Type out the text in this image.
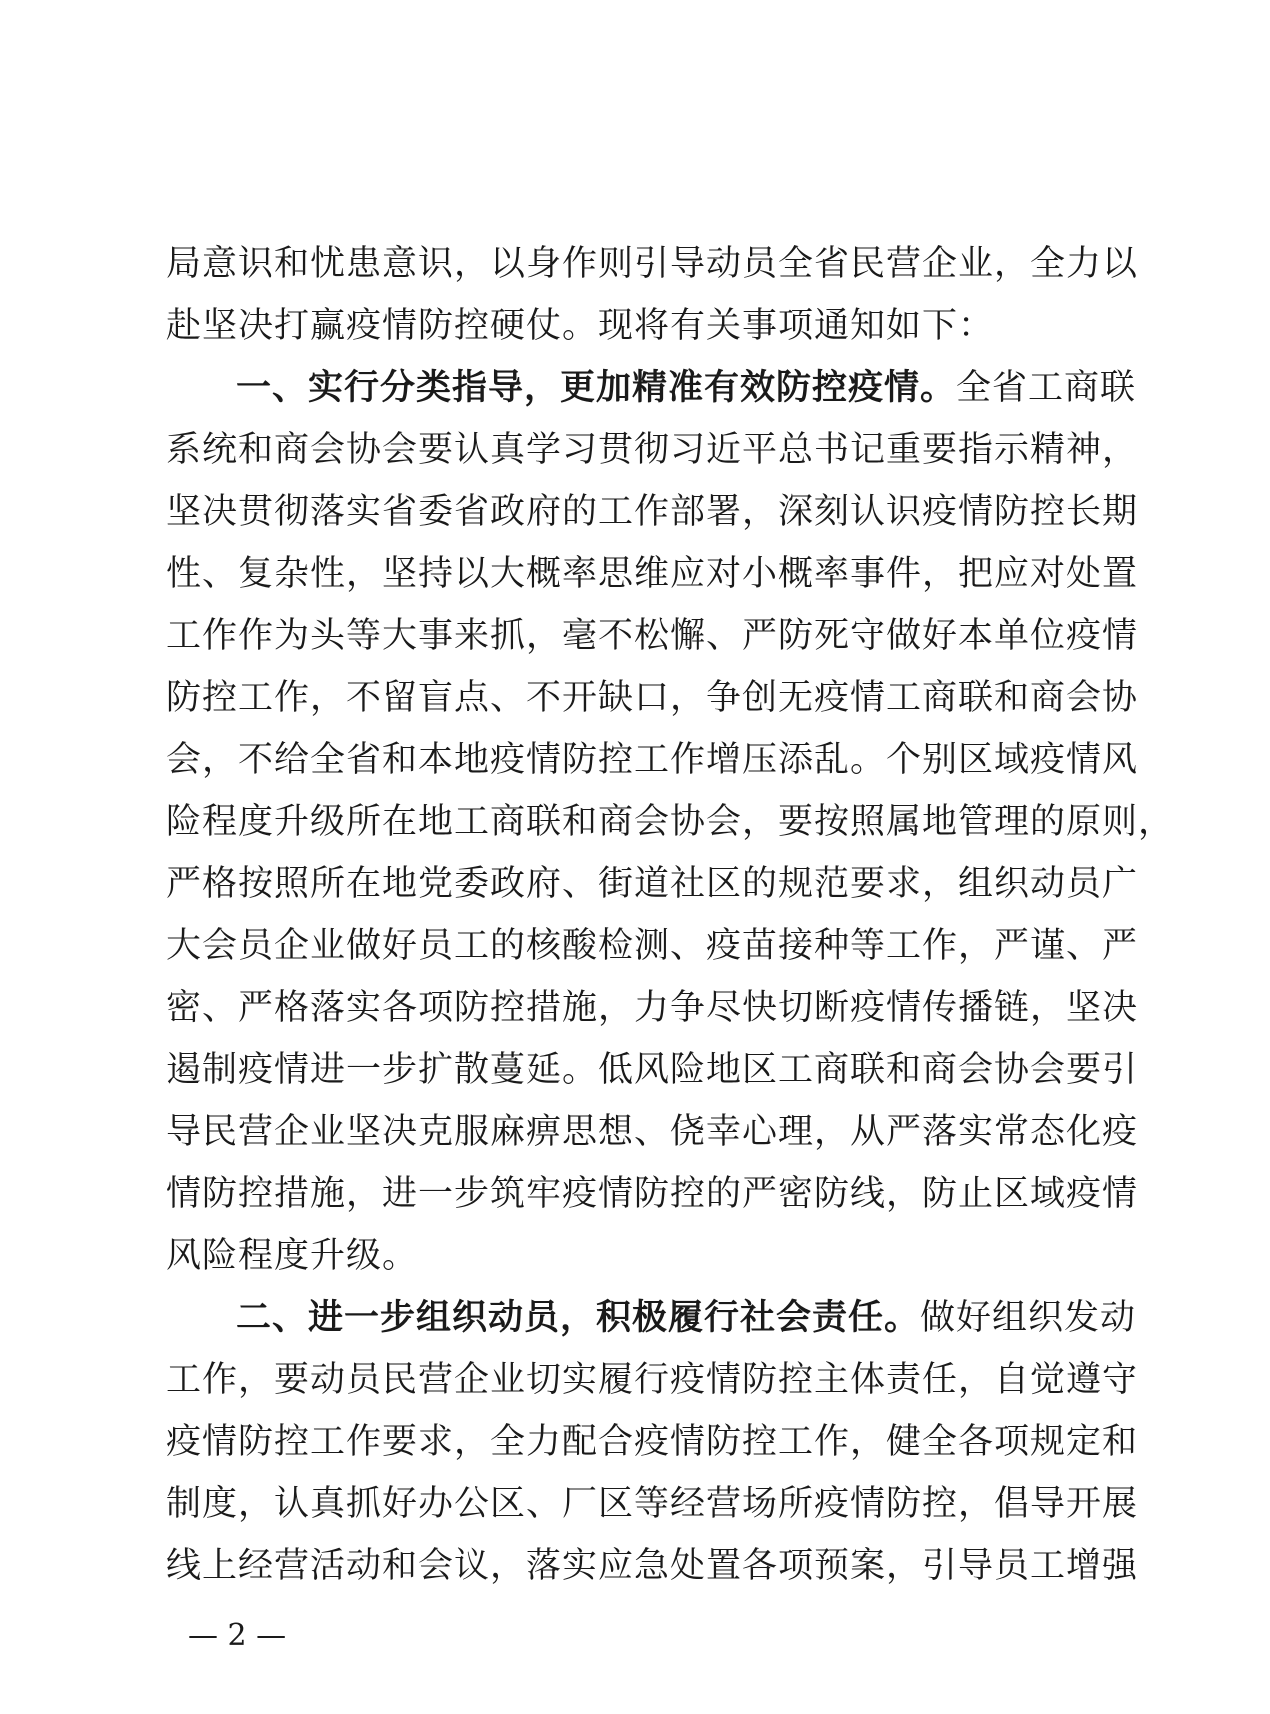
局意识和忧患意识，以身作则引导动员全省民营企业，全力以
赴坚决打赢疫情防控硬仗。现将有关事项通知如下：
一、实行分类指导，更加精准有效防控疫情。全省工商联
系统和商会协会要认真学习贯彻习近平总书记重要指示精神，
坚决贯彻落实省委省政府的工作部署，深刻认识疫情防控长期
性、复杂性，坚持以大概率思维应对小概率事件，把应对处置
工作作为头等大事来抓，毫不松懈、严防死守做好本单位疫情
防控工作，不留盲点、不开缺口，争创无疫情工商联和商会协
会，不给全省和本地疫情防控工作增压添乱。个别区域疫情风
险程度升级所在地工商联和商会协会，要按照属地管理的原则，
严格按照所在地党委政府、街道社区的规范要求，组织动员广
大会员企业做好员工的核酸检测、疫苗接种等工作，严谨、严
密、严格落实各项防控措施，力争尽快切断疫情传播链，坚决
遏制疫情进一步扩散蔓延。低风险地区工商联和商会协会要引
导民营企业坚决克服麻痹思想、侥幸心理，从严落实常态化疫
情防控措施，进一步筑牢疫情防控的严密防线，防止区域疫情
风险程度升级。
二、进一步组织动员，积极履行社会责任。做好组织发动
工作，要动员民营企业切实履行疫情防控主体责任，自觉遵守
疫情防控工作要求，全力配合疫情防控工作，健全各项规定和
制度，认真抓好办公区、厂区等经营场所疫情防控，倡导开展
线上经营活动和会议，落实应急处置各项预案，引导员工增强
— 2 —
